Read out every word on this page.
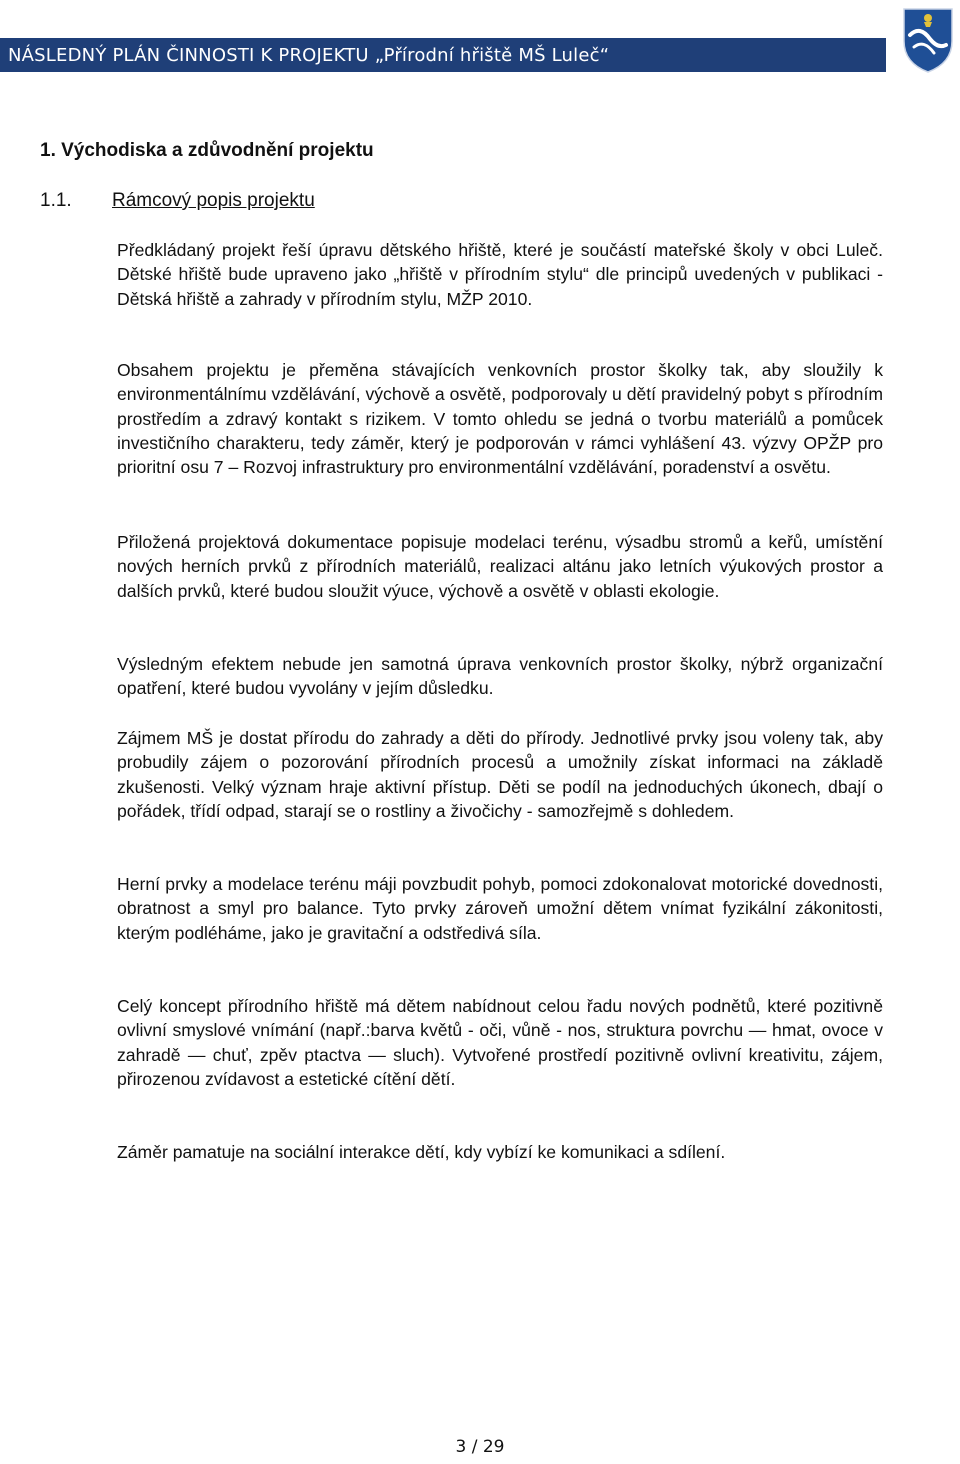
NÁSLEDNÝ PLÁN ČINNOSTI K PROJEKTU „Přírodní hřiště MŠ Luleč“
1. Východiska a zdůvodnění projektu
1.1. Rámcový popis projektu

Předkládaný projekt řeší úpravu dětského hřiště, které je součástí mateřské školy v obci Luleč. Dětské hřiště bude upraveno jako „hřiště v přírodním stylu“ dle principů uvedených v publikaci - Dětská hřiště a zahrady v přírodním stylu, MŽP 2010.

Obsahem projektu je přeměna stávajících venkovních prostor školky tak, aby sloužily k environmentálnímu vzdělávání, výchově a osvětě, podporovaly u dětí pravidelný pobyt s přírodním prostředím a zdravý kontakt s rizikem. V tomto ohledu se jedná o tvorbu materiálů a pomůcek investičního charakteru, tedy záměr, který je podporován v rámci vyhlášení 43. výzvy OPŽP pro prioritní osu 7 – Rozvoj infrastruktury pro environmentální vzdělávání, poradenství a osvětu.

Přiložená projektová dokumentace popisuje modelaci terénu, výsadbu stromů a keřů, umístění nových herních prvků z přírodních materiálů, realizaci altánu jako letních výukových prostor a dalších prvků, které budou sloužit výuce, výchově a osvětě v oblasti ekologie.

Výsledným efektem nebude jen samotná úprava venkovních prostor školky, nýbrž organizační opatření, které budou vyvolány v jejím důsledku.

Zájmem MŠ je dostat přírodu do zahrady a děti do přírody. Jednotlivé prvky jsou voleny tak, aby probudily zájem o pozorování přírodních procesů a umožnily získat informaci na základě zkušenosti. Velký význam hraje aktivní přístup. Děti se podíl na jednoduchých úkonech, dbají o pořádek, třídí odpad, starají se o rostliny a živočichy - samozřejmě s dohledem.

Herní prvky a modelace terénu máji povzbudit pohyb, pomoci zdokonalovat motorické dovednosti, obratnost a smyl pro balance. Tyto prvky zároveň umožní dětem vnímat fyzikální zákonitosti, kterým podléháme, jako je gravitační a odstředivá síla.

Celý koncept přírodního hřiště má dětem nabídnout celou řadu nových podnětů, které pozitivně ovlivní smyslové vnímání (např.:barva květů - oči, vůně - nos, struktura povrchu — hmat, ovoce v zahradě — chuť, zpěv ptactva — sluch). Vytvořené prostředí pozitivně ovlivní kreativitu, zájem, přirozenou zvídavost a estetické cítění dětí.

Záměr pamatuje na sociální interakce dětí, kdy vybízí ke komunikaci a sdílení.

3 / 29
